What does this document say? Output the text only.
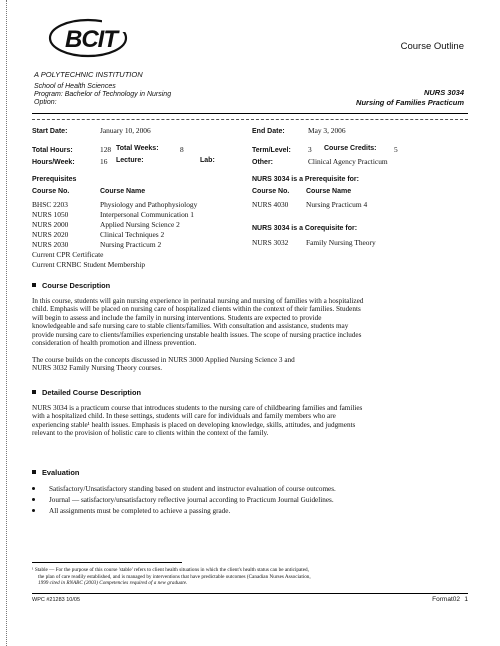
BCIT
A POLYTECHNIC INSTITUTION
Course Outline
School of Health Sciences
Program: Bachelor of Technology in Nursing
Option:
NURS 3034
Nursing of Families Practicum
Start Date:	January 10, 2006	End Date:	May 3, 2006
Total Hours:	128 Total Weeks:	8	Term/Level: 3 Course Credits: 5
Hours/Week:	16 Lecture:	Lab:	Other:	Clinical Agency Practicum
Prerequisites
Course No.	Course Name
BHSC 2203	Physiology and Pathophysiology
NURS 1050	Interpersonal Communication 1
NURS 2000	Applied Nursing Science 2
NURS 2020	Clinical Techniques 2
NURS 2030	Nursing Practicum 2
Current CPR Certificate
Current CRNBC Student Membership
NURS 3034 is a Prerequisite for:
Course No. Course Name
NURS 4030 Nursing Practicum 4
NURS 3034 is a Corequisite for:
NURS 3032 Family Nursing Theory
Course Description
In this course, students will gain nursing experience in perinatal nursing and nursing of families with a hospitalized
child. Emphasis will be placed on nursing care of hospitalized clients within the context of their families. Students
will begin to assess and include the family in nursing interventions. Students are expected to provide
knowledgeable and safe nursing care to stable clients/families. With consultation and assistance, students may
provide nursing care to clients/families experiencing unstable health issues. The scope of nursing practice includes
consideration of health promotion and illness prevention.
The course builds on the concepts discussed in NURS 3000 Applied Nursing Science 3 and
NURS 3032 Family Nursing Theory courses.
Detailed Course Description
NURS 3034 is a practicum course that introduces students to the nursing care of childbearing families and families
with a hospitalized child. In these settings, students will care for individuals and family members who are
experiencing stable¹ health issues. Emphasis is placed on developing knowledge, skills, attitudes, and judgments
relevant to the provision of holistic care to clients within the context of the family.
Evaluation
Satisfactory/Unsatisfactory standing based on student and instructor evaluation of course outcomes.
Journal — satisfactory/unsatisfactory reflective journal according to Practicum Journal Guidelines.
All assignments must be completed to achieve a passing grade.
¹ Stable — For the purpose of this course 'stable' refers to client health situations in which the client's health status can be anticipated,
the plan of care readily established, and is managed by interventions that have predictable outcomes (Canadian Nurses Association,
1999 cited in RNABC (2003) Competencies required of a new graduate.
WPC #21283 10/05	Format02 1
